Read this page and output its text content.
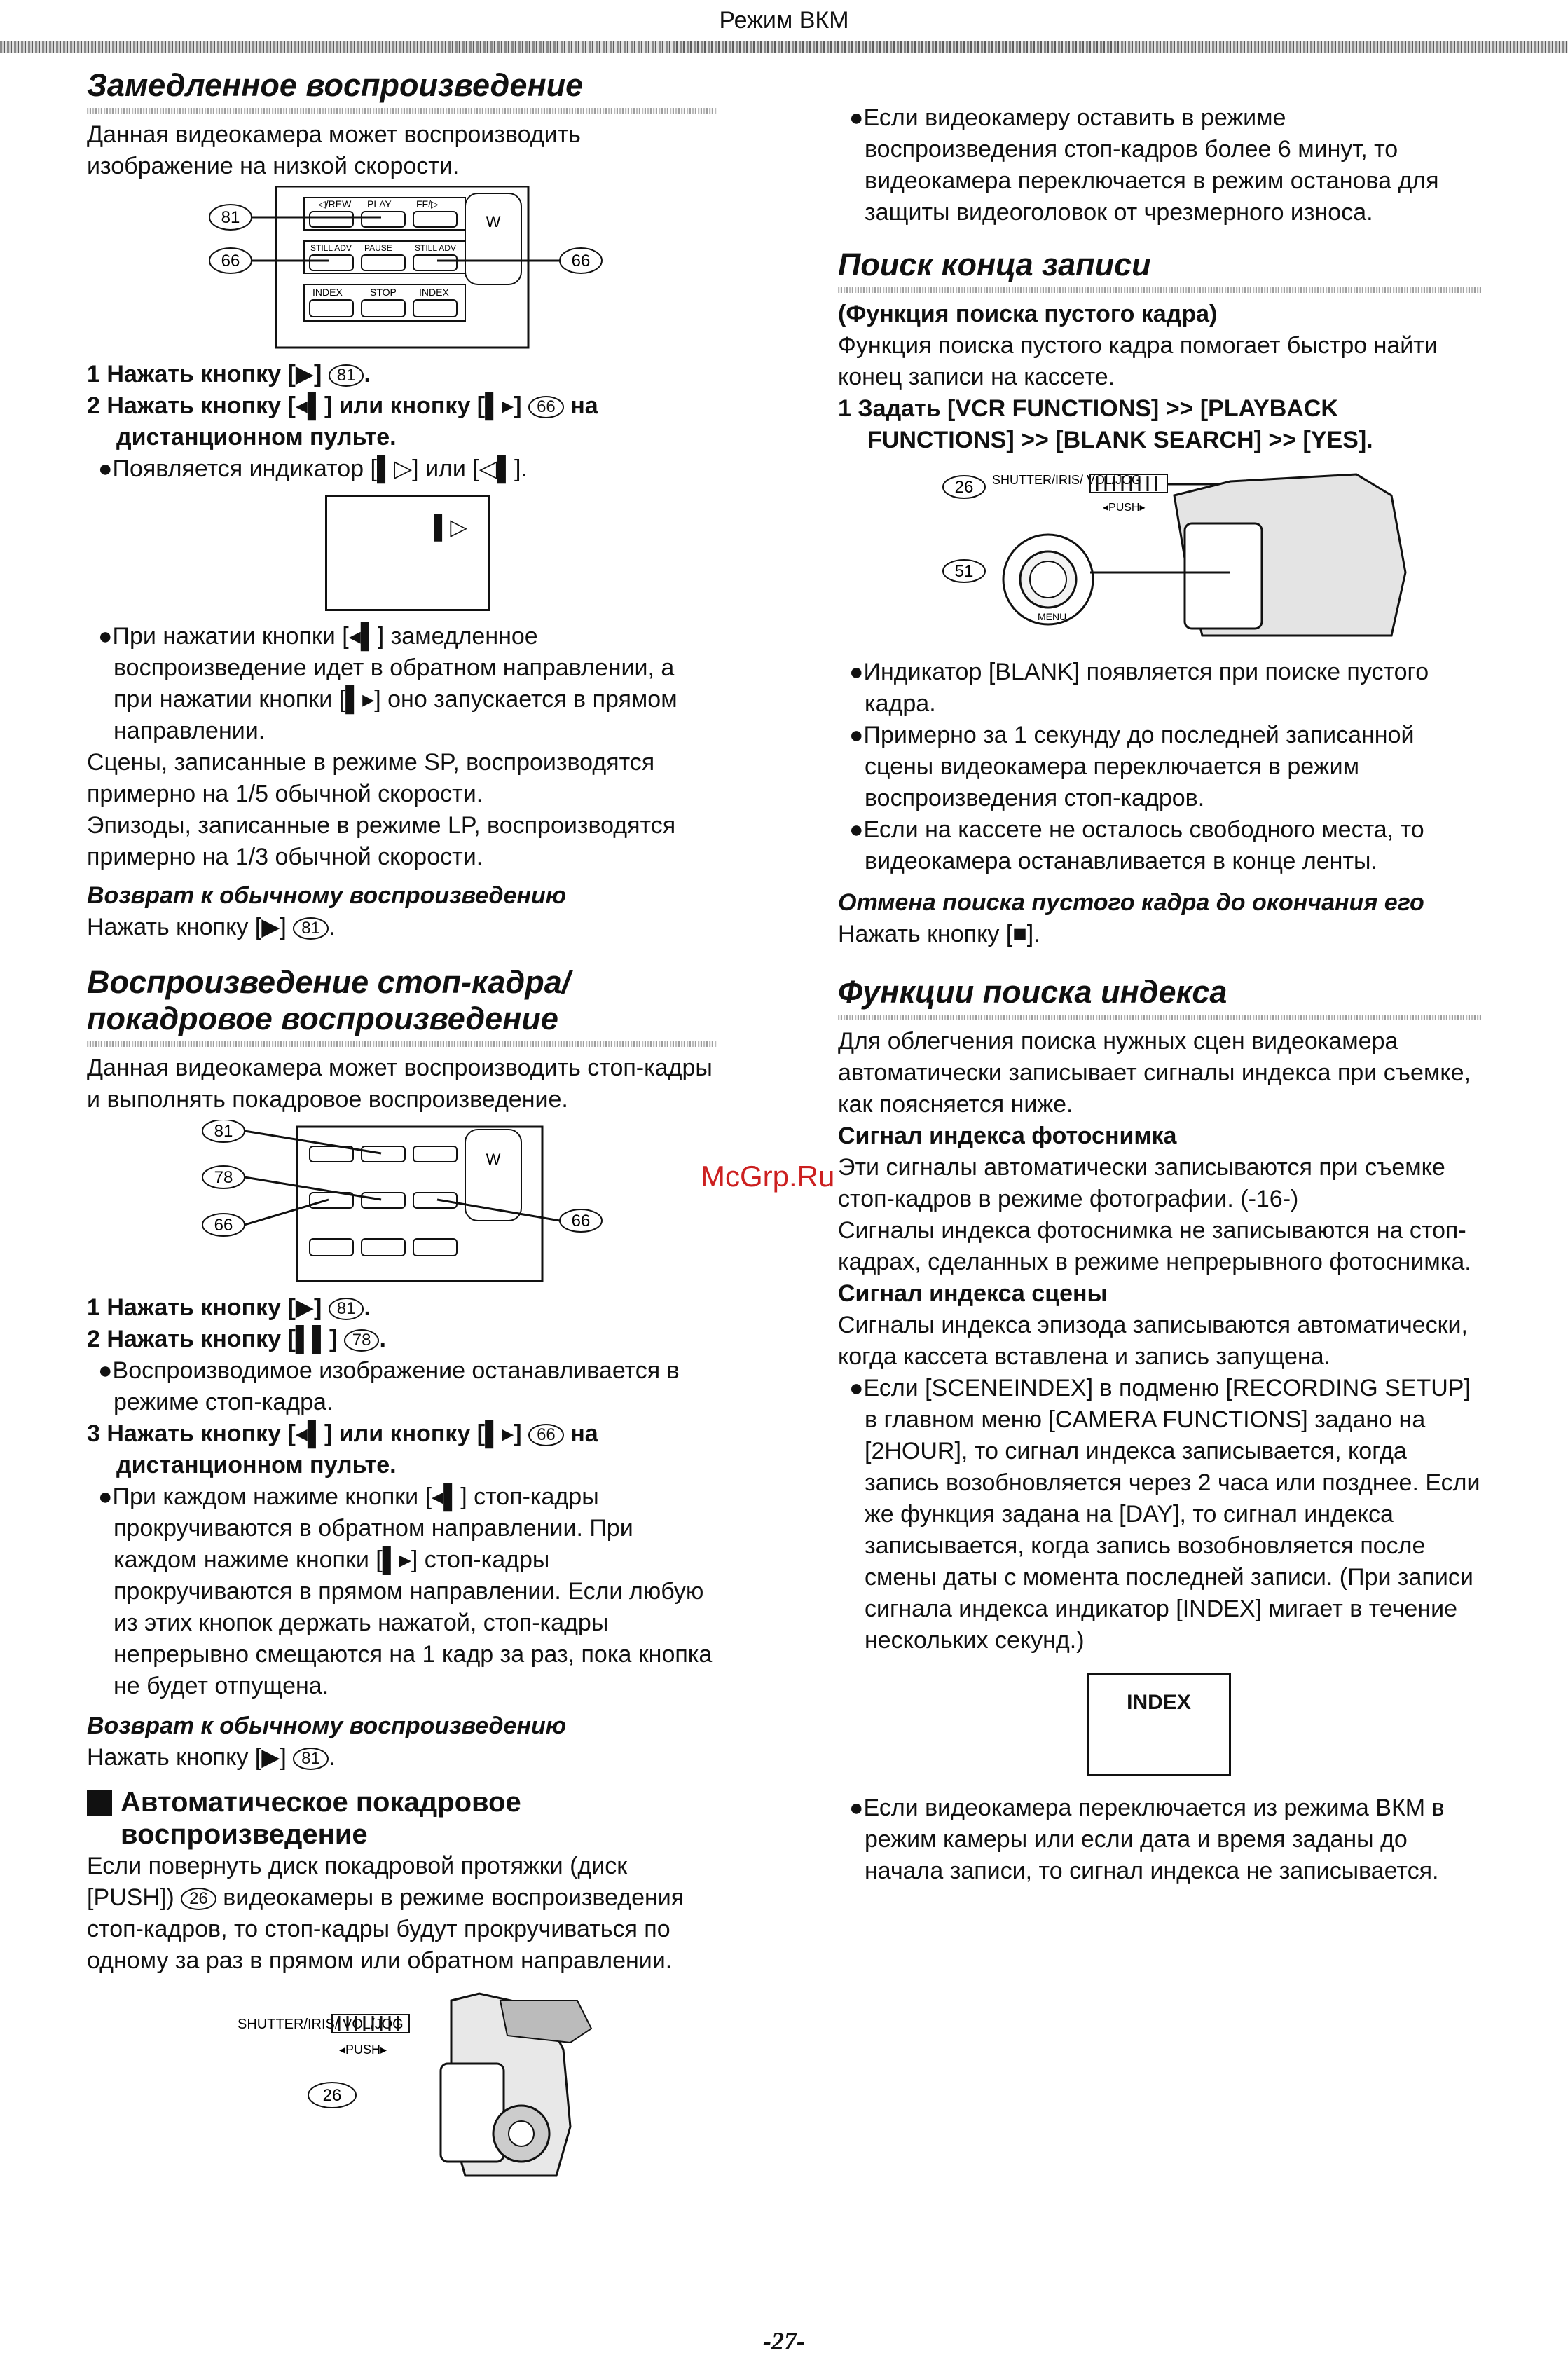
Режим ВКМ
Замедленное воспроизведение

Данная видеокамера может воспроизводить изображение на низкой скорости.

W
◁/REW PLAY	FF/▷
STILL ADV PAUSE	STILL ADV
INDEX	STOP INDEX
81
66	66

1 Нажать кнопку [▶] 81 .

2 Нажать кнопку [◂▌] или кнопку [▌▸] 66 на дистанционном пульте.

●Появляется индикатор [▌▷] или [◁▌].

▌▷

●При нажатии кнопки [◂▌] замедленное воспроизведение идет в обратном направлении, а при нажатии кнопки [▌▸] оно запускается в прямом направлении.

Сцены, записанные в режиме SP, воспроизводятся примерно на 1/5 обычной скорости.

Эпизоды, записанные в режиме LP, воспроизводятся примерно на 1/3 обычной скорости.

Возврат к обычному воспроизведению

Нажать кнопку [▶] 81 .

Воспроизведение стоп-кадра/покадровое воспроизведение

Данная видеокамера может воспроизводить стоп-кадры и выполнять покадровое воспроизведение.

W
81
78
66	66

1 Нажать кнопку [▶] 81 .

2 Нажать кнопку [▌▌] 78 .

●Воспроизводимое изображение останавливается в режиме стоп-кадра.

3 Нажать кнопку [◂▌] или кнопку [▌▸] 66 на дистанционном пульте.

●При каждом нажиме кнопки [◂▌] стоп-кадры прокручиваются в обратном направлении. При каждом нажиме кнопки [▌▸] стоп-кадры прокручиваются в прямом направлении. Если любую из этих кнопок держать нажатой, стоп-кадры непрерывно смещаются на 1 кадр за раз, пока кнопка не будет отпущена.

Возврат к обычному воспроизведению

Нажать кнопку [▶] 81 .

Автоматическое покадровое воспроизведение

Если повернуть диск покадровой протяжки (диск [PUSH]) 26 видеокамеры в режиме воспроизведения стоп-кадров, то стоп-кадры будут прокручиваться по одному за раз в прямом или обратном направлении.

SHUTTER/IRIS/ VOL/JOG
◂PUSH▸
26

●Если видеокамеру оставить в режиме воспроизведения стоп-кадров более 6 минут, то видеокамера переключается в режим останова для защиты видеоголовок от чрезмерного износа.

Поиск конца записи

(Функция поиска пустого кадра)

Функция поиска пустого кадра помогает быстро найти конец записи на кассете.

1 Задать [VCR FUNCTIONS] >> [PLAYBACK FUNCTIONS] >> [BLANK SEARCH] >> [YES].

26 SHUTTER/IRIS/ VOL/JOG
◂PUSH▸
MENU
51

●Индикатор [BLANK] появляется при поиске пустого кадра.

●Примерно за 1 секунду до последней записанной сцены видеокамера переключается в режим воспроизведения стоп-кадров.

●Если на кассете не осталось свободного места, то видеокамера останавливается в конце ленты.

Отмена поиска пустого кадра до окончания его

Нажать кнопку [■].

Функции поиска индекса

Для облегчения поиска нужных сцен видеокамера автоматически записывает сигналы индекса при съемке, как поясняется ниже.

Сигнал индекса фотоснимка

Эти сигналы автоматически записываются при съемке стоп-кадров в режиме фотографии. (-16-)

Сигналы индекса фотоснимка не записываются на стоп-кадрах, сделанных в режиме непрерывного фотоснимка.

Сигнал индекса сцены

Сигналы индекса эпизода записываются автоматически, когда кассета вставлена и запись запущена.

●Если [SCENEINDEX] в подменю [RECORDING SETUP] в главном меню [CAMERA FUNCTIONS] задано на [2HOUR], то сигнал индекса записывается, когда запись возобновляется через 2 часа или позднее. Если же функция задана на [DAY], то сигнал индекса записывается, когда запись возобновляется после смены даты с момента последней записи. (При записи сигнала индекса индикатор [INDEX] мигает в течение нескольких секунд.)

INDEX

●Если видеокамера переключается из режима ВКМ в режим камеры или если дата и время заданы до начала записи, то сигнал индекса не записывается.

McGrp.Ru
-27-
